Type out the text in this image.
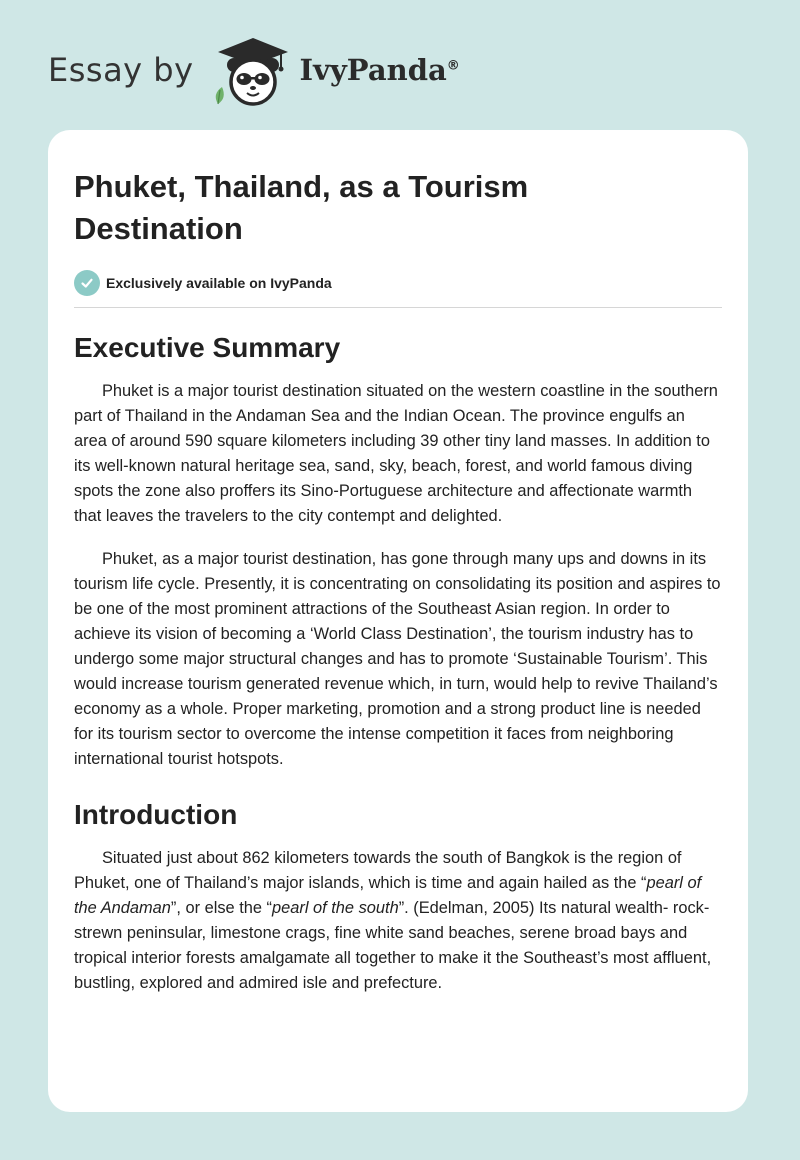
Essay by	IvyPanda®
Phuket, Thailand, as a Tourism Destination
Exclusively available on IvyPanda
Executive Summary

Phuket is a major tourist destination situated on the western coastline in the southern part of Thailand in the Andaman Sea and the Indian Ocean. The province engulfs an area of around 590 square kilometers including 39 other tiny land masses. In addition to its well-known natural heritage sea, sand, sky, beach, forest, and world famous diving spots the zone also proffers its Sino-Portuguese architecture and affectionate warmth that leaves the travelers to the city contempt and delighted.

Phuket, as a major tourist destination, has gone through many ups and downs in its tourism life cycle. Presently, it is concentrating on consolidating its position and aspires to be one of the most prominent attractions of the Southeast Asian region. In order to achieve its vision of becoming a ‘World Class Destination’, the tourism industry has to undergo some major structural changes and has to promote ‘Sustainable Tourism’. This would increase tourism generated revenue which, in turn, would help to revive Thailand’s economy as a whole. Proper marketing, promotion and a strong product line is needed for its tourism sector to overcome the intense competition it faces from neighboring international tourist hotspots.

Introduction

Situated just about 862 kilometers towards the south of Bangkok is the region of Phuket, one of Thailand’s major islands, which is time and again hailed as the “pearl of the Andaman”, or else the “pearl of the south”. (Edelman, 2005) Its natural wealth- rock-strewn peninsular, limestone crags, fine white sand beaches, serene broad bays and tropical interior forests amalgamate all together to make it the Southeast’s most affluent, bustling, explored and admired isle and prefecture.
